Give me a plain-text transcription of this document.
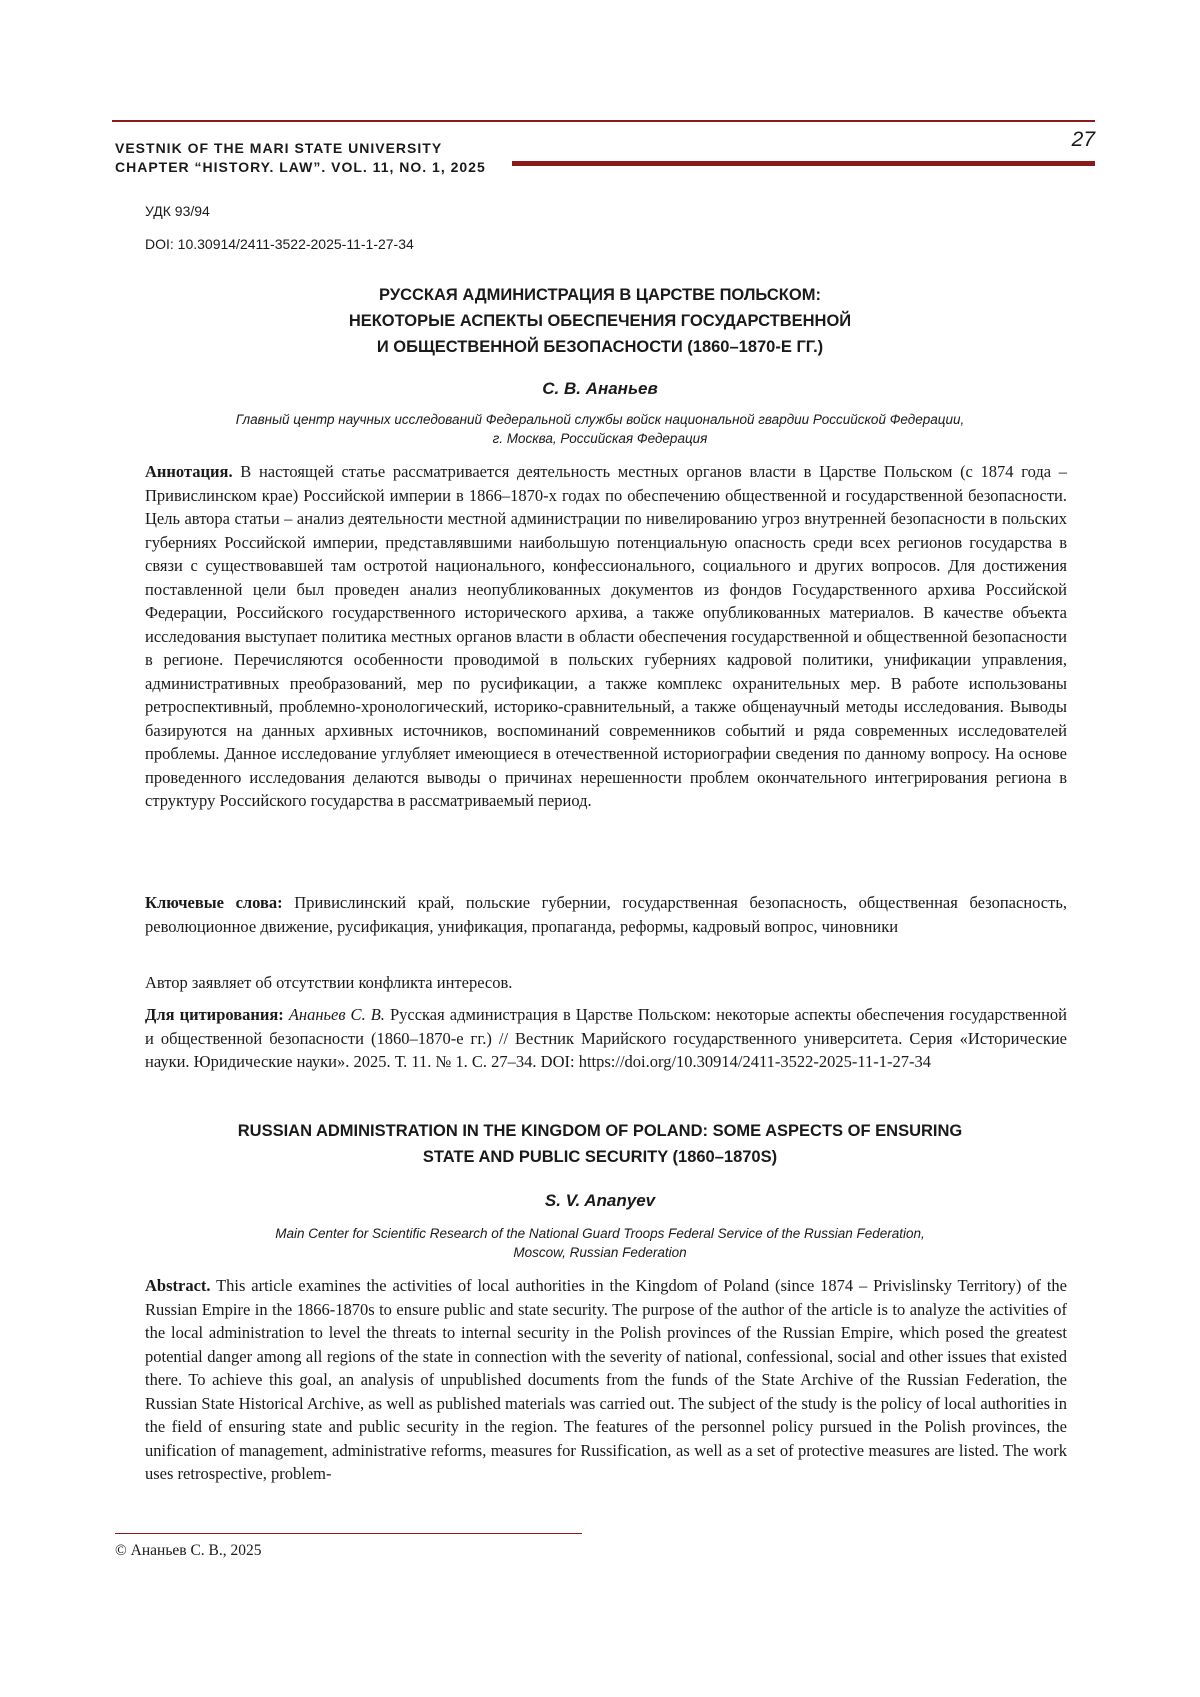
VESTNIK OF THE MARI STATE UNIVERSITY
CHAPTER “HISTORY. LAW”. VOL. 11, NO. 1, 2025
27
УДК 93/94
DOI: 10.30914/2411-3522-2025-11-1-27-34
РУССКАЯ АДМИНИСТРАЦИЯ В ЦАРСТВЕ ПОЛЬСКОМ:
НЕКОТОРЫЕ АСПЕКТЫ ОБЕСПЕЧЕНИЯ ГОСУДАРСТВЕННОЙ
И ОБЩЕСТВЕННОЙ БЕЗОПАСНОСТИ (1860–1870-Е ГГ.)
С. В. Ананьев
Главный центр научных исследований Федеральной службы войск национальной гвардии Российской Федерации,
г. Москва, Российская Федерация
Аннотация. В настоящей статье рассматривается деятельность местных органов власти в Царстве Польском (с 1874 года – Привислинском крае) Российской империи в 1866–1870-х годах по обеспечению общественной и государственной безопасности. Цель автора статьи – анализ деятельности местной администрации по нивелированию угроз внутренней безопасности в польских губерниях Российской империи, представлявшими наибольшую потенциальную опасность среди всех регионов государства в связи с существовавшей там остротой национального, конфессионального, социального и других вопросов. Для достижения поставленной цели был проведен анализ неопубликованных документов из фондов Государственного архива Российской Федерации, Российского государственного исторического архива, а также опубликованных материалов. В качестве объекта исследования выступает политика местных органов власти в области обеспечения государственной и общественной безопасности в регионе. Перечисляются особенности проводимой в польских губерниях кадровой политики, унификации управления, административных преобразований, мер по русификации, а также комплекс охранительных мер. В работе использованы ретроспективный, проблемно-хронологический, историко-сравнительный, а также общенаучный методы исследования. Выводы базируются на данных архивных источников, воспоминаний современников событий и ряда современных исследователей проблемы. Данное исследование углубляет имеющиеся в отечественной историографии сведения по данному вопросу. На основе проведенного исследования делаются выводы о причинах нерешенности проблем окончательного интегрирования региона в структуру Российского государства в рассматриваемый период.
Ключевые слова: Привислинский край, польские губернии, государственная безопасность, общественная безопасность, революционное движение, русификация, унификация, пропаганда, реформы, кадровый вопрос, чиновники
Автор заявляет об отсутствии конфликта интересов.
Для цитирования: Ананьев С. В. Русская администрация в Царстве Польском: некоторые аспекты обеспечения государственной и общественной безопасности (1860–1870-е гг.) // Вестник Марийского государственного университета. Серия «Исторические науки. Юридические науки». 2025. Т. 11. № 1. С. 27–34. DOI: https://doi.org/10.30914/2411-3522-2025-11-1-27-34
RUSSIAN ADMINISTRATION IN THE KINGDOM OF POLAND: SOME ASPECTS OF ENSURING
STATE AND PUBLIC SECURITY (1860–1870S)
S. V. Ananyev
Main Center for Scientific Research of the National Guard Troops Federal Service of the Russian Federation,
Moscow, Russian Federation
Abstract. This article examines the activities of local authorities in the Kingdom of Poland (since 1874 – Privislinsky Territory) of the Russian Empire in the 1866-1870s to ensure public and state security. The purpose of the author of the article is to analyze the activities of the local administration to level the threats to internal security in the Polish provinces of the Russian Empire, which posed the greatest potential danger among all regions of the state in connection with the severity of national, confessional, social and other issues that existed there. To achieve this goal, an analysis of unpublished documents from the funds of the State Archive of the Russian Federation, the Russian State Historical Archive, as well as published materials was carried out. The subject of the study is the policy of local authorities in the field of ensuring state and public security in the region. The features of the personnel policy pursued in the Polish provinces, the unification of management, administrative reforms, measures for Russification, as well as a set of protective measures are listed. The work uses retrospective, problem-
© Ананьев С. В., 2025
